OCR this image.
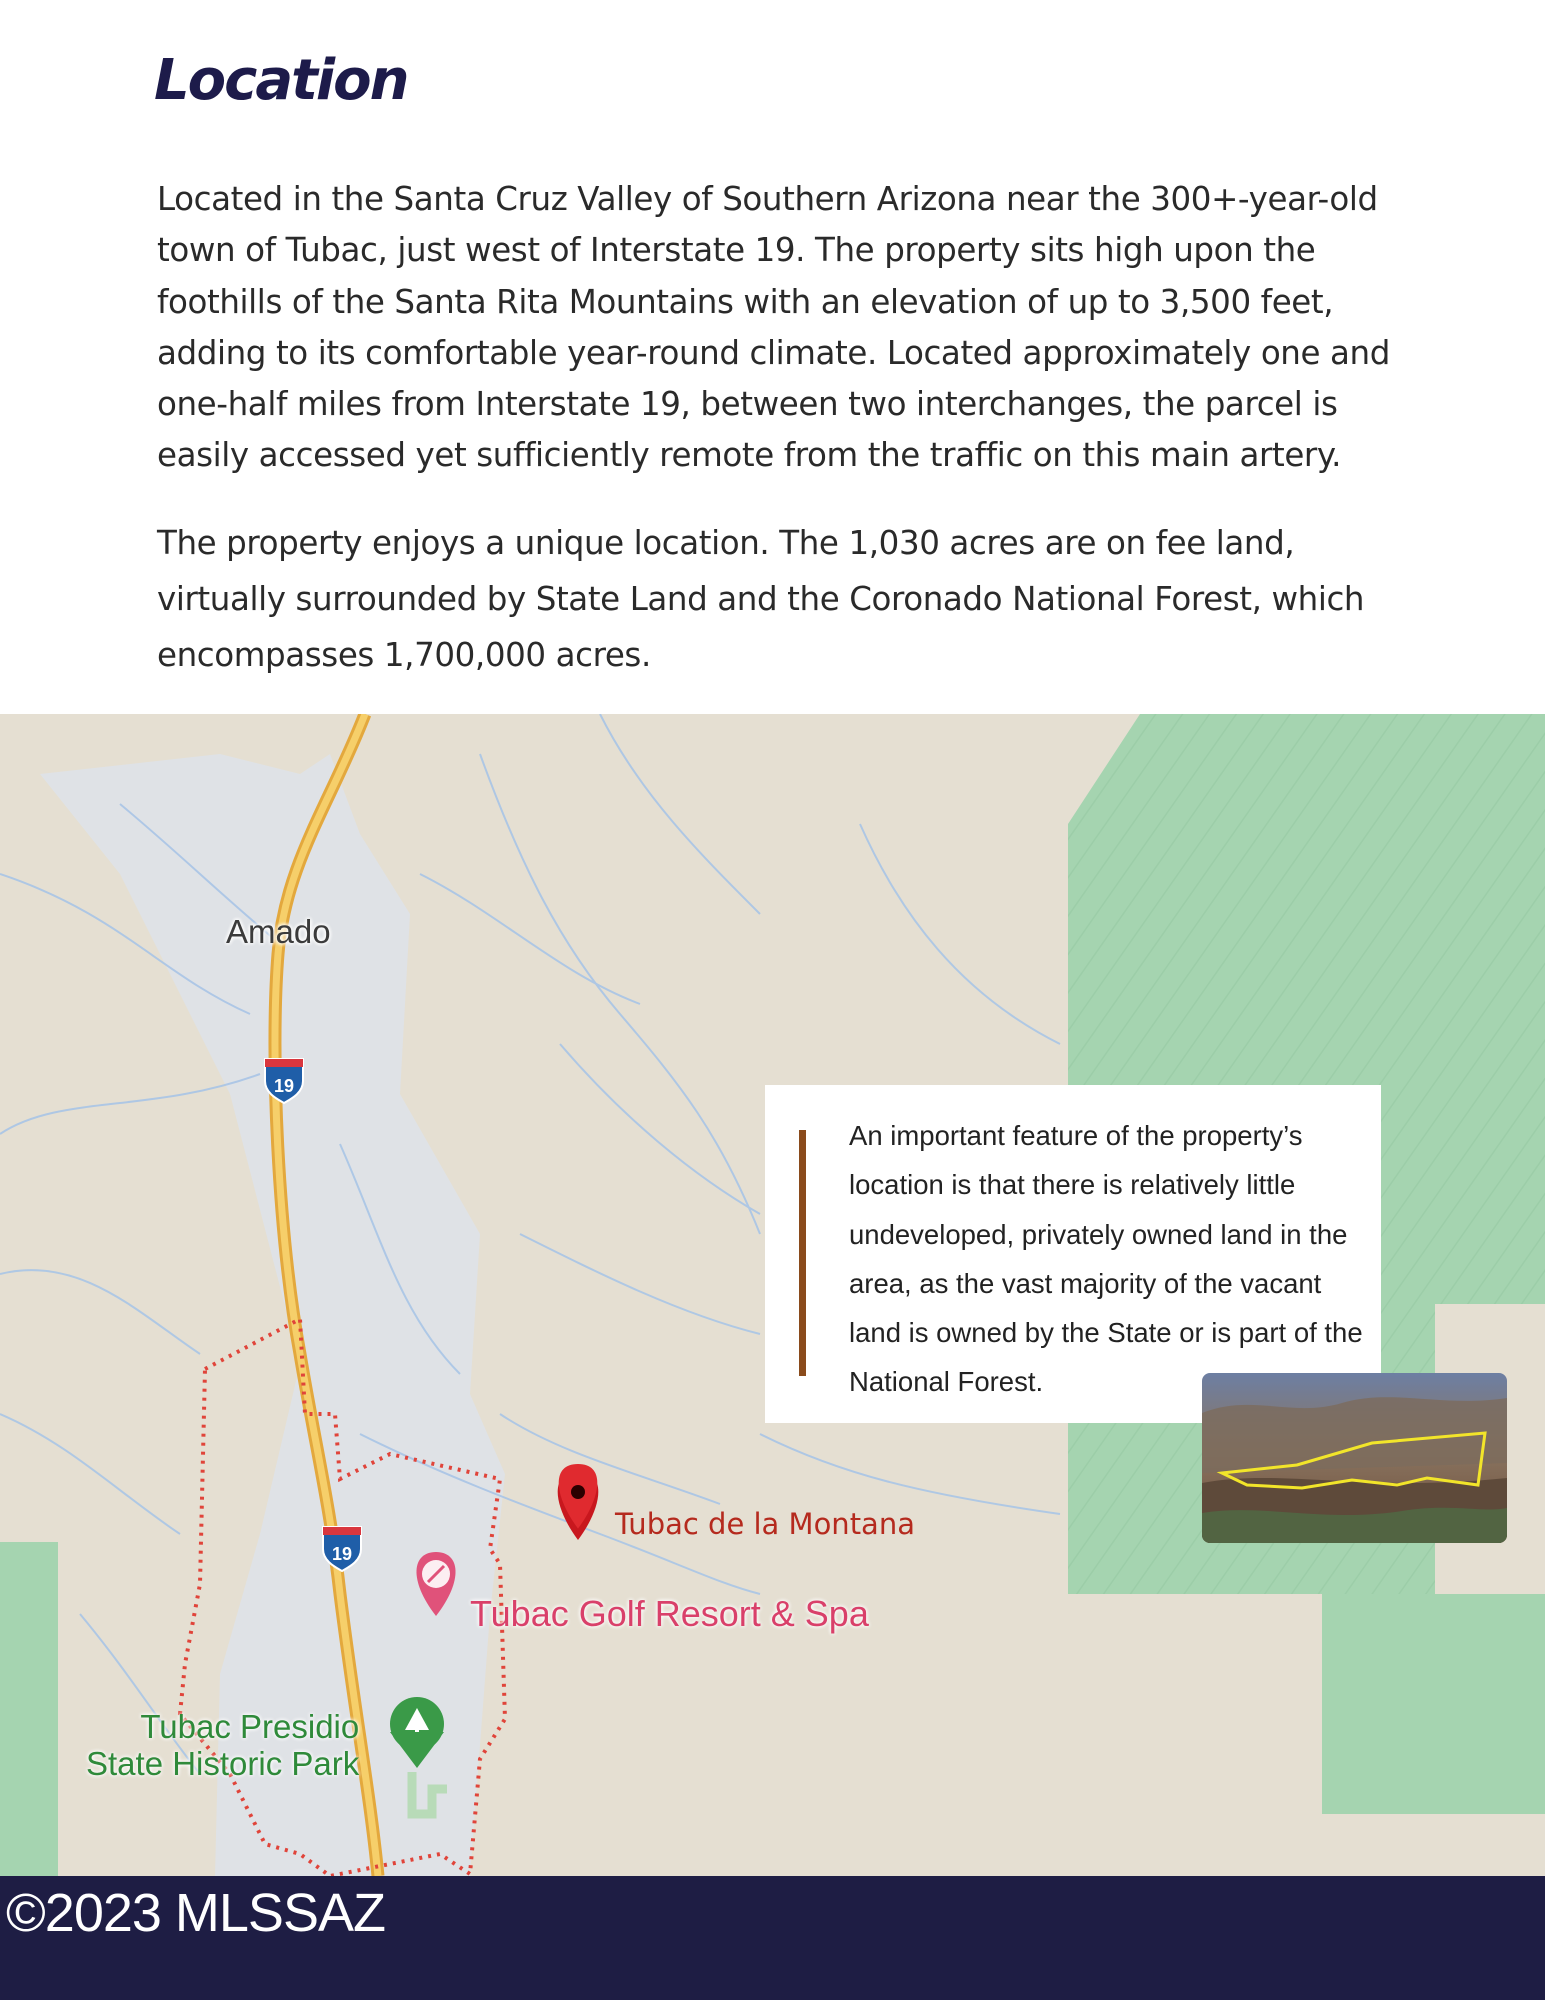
Location

Located in the Santa Cruz Valley of Southern Arizona near the 300+-year-old town of Tubac, just west of Interstate 19. The property sits high upon the foothills of the Santa Rita Mountains with an elevation of up to 3,500 feet, adding to its comfortable year-round climate. Located approximately one and one-half miles from Interstate 19, between two interchanges, the parcel is easily accessed yet sufficiently remote from the traffic on this main artery.

The property enjoys a unique location. The 1,030 acres are on fee land, virtually surrounded by State Land and the Coronado National Forest, which encompasses 1,700,000 acres.

19
19
Amado
Tubac de la Montana
Tubac Golf Resort & Spa
Tubac Presidio
State Historic Park

An important feature of the property’s location is that there is relatively little undeveloped, privately owned land in the area, as the vast majority of the vacant land is owned by the State or is part of the National Forest.

©2023 MLSSAZ
